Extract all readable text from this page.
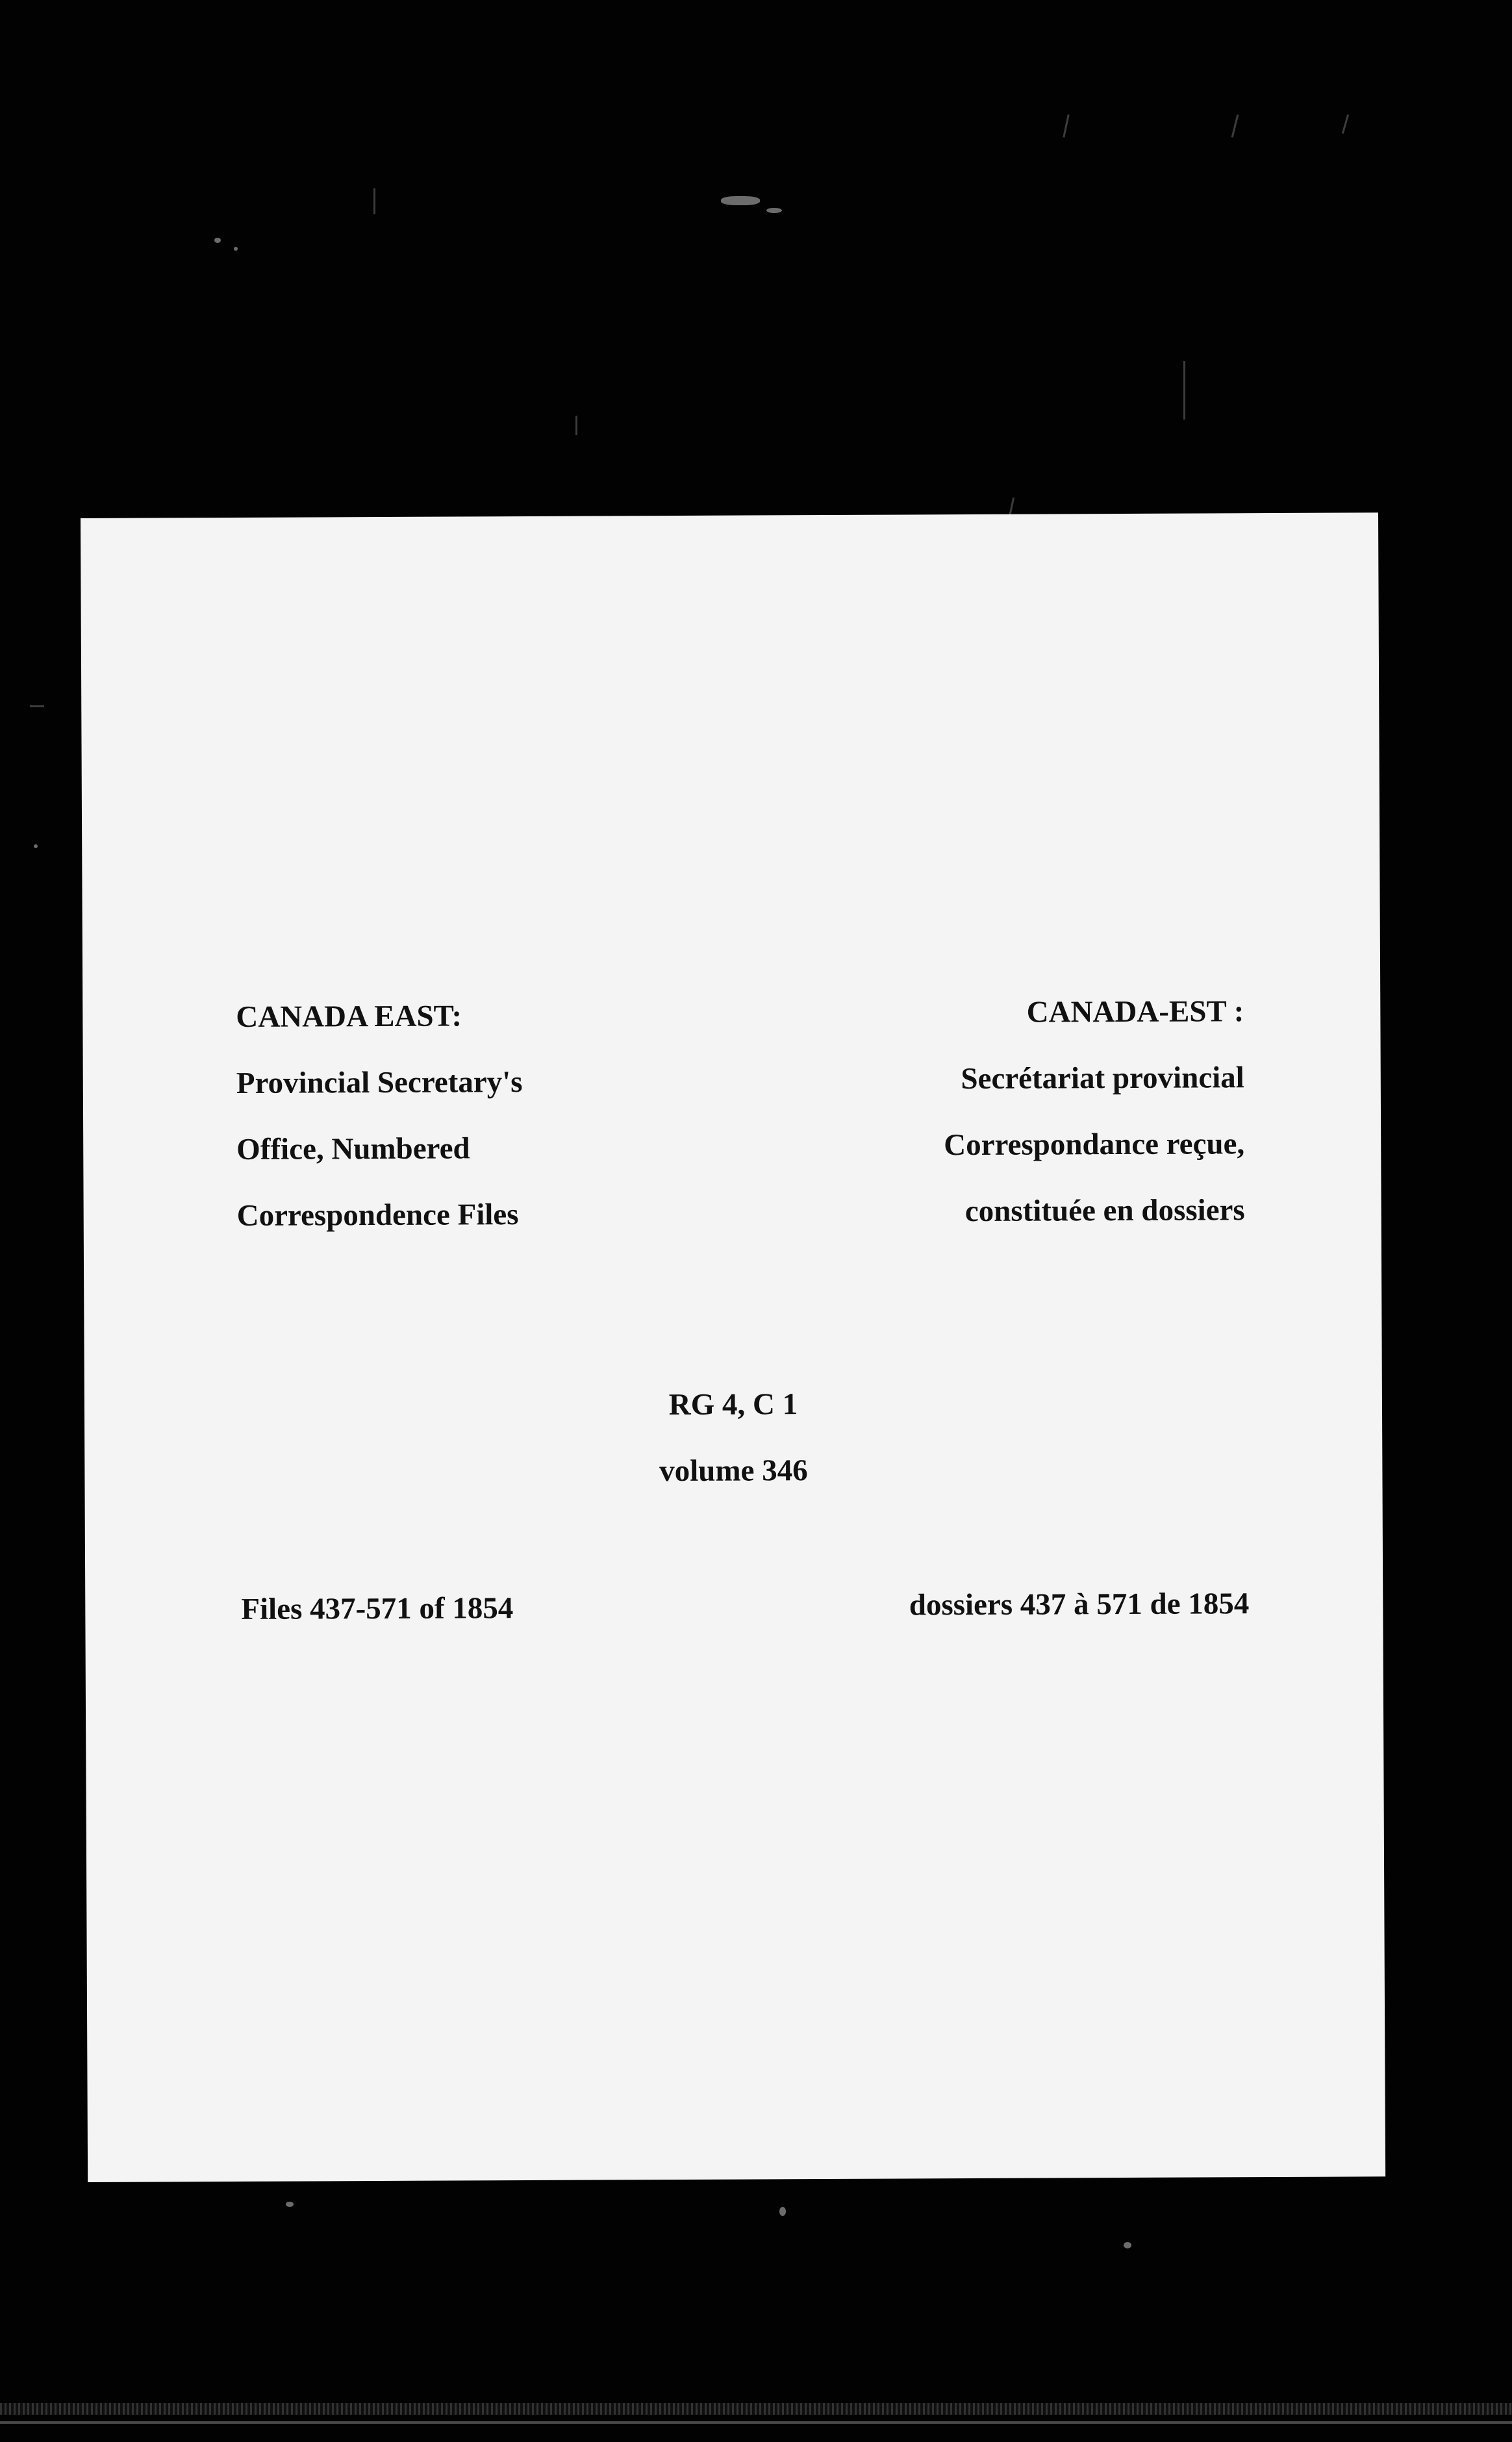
CANADA EAST:
Provincial Secretary's
Office, Numbered
Correspondence Files
CANADA-EST :
Secrétariat provincial
Correspondance reçue,
constituée en dossiers
RG 4, C 1
volume 346
Files 437-571 of 1854	dossiers 437 à 571 de 1854
